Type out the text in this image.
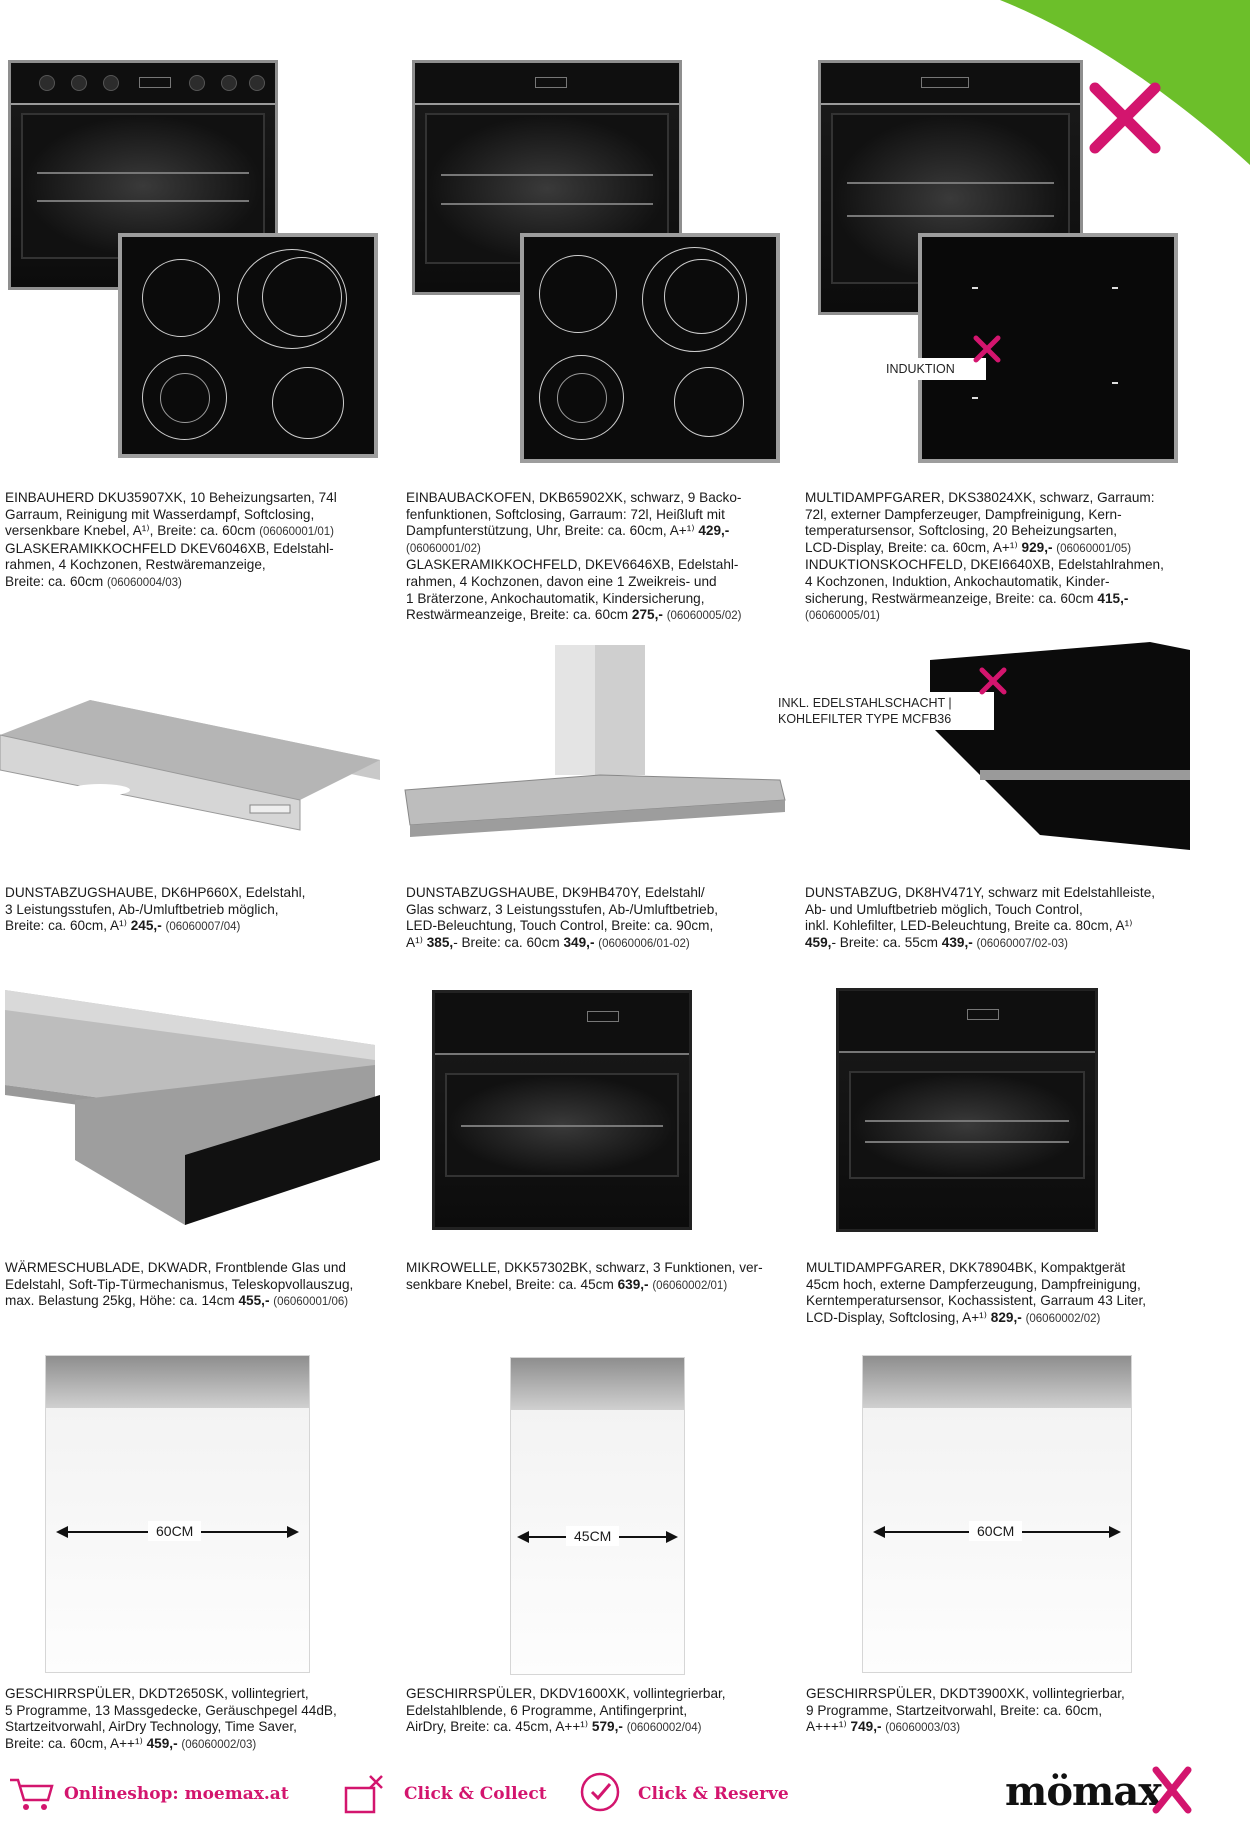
INDUKTION
EINBAUHERD DKU35907XK, 10 Beheizungsarten, 74l
Garraum, Reinigung mit Wasserdampf, Softclosing,
versenkbare Knebel, A¹⁾, Breite: ca. 60cm (06060001/01)
GLASKERAMIKKOCHFELD DKEV6046XB, Edelstahl-
rahmen, 4 Kochzonen, Restwäremanzeige,
Breite: ca. 60cm (06060004/03)
EINBAUBACKOFEN, DKB65902XK, schwarz, 9 Backo-
fenfunktionen, Softclosing, Garraum: 72l, Heißluft mit
Dampfunterstützung, Uhr, Breite: ca. 60cm, A+¹⁾ 429,-
(06060001/02)
GLASKERAMIKKOCHFELD, DKEV6646XB, Edelstahl-
rahmen, 4 Kochzonen, davon eine 1 Zweikreis- und
1 Bräterzone, Ankochautomatik, Kindersicherung,
Restwärmeanzeige, Breite: ca. 60cm 275,- (06060005/02)
MULTIDAMPFGARER, DKS38024XK, schwarz, Garraum:
72l, externer Dampferzeuger, Dampfreinigung, Kern-
temperatursensor, Softclosing, 20 Beheizungsarten,
LCD-Display, Breite: ca. 60cm, A+¹⁾ 929,- (06060001/05)
INDUKTIONSKOCHFELD, DKEI6640XB, Edelstahlrahmen,
4 Kochzonen, Induktion, Ankochautomatik, Kinder-
sicherung, Restwärmeanzeige, Breite: ca. 60cm 415,-
(06060005/01)
INKL. EDELSTAHLSCHACHT |
KOHLEFILTER TYPE MCFB36
DUNSTABZUGSHAUBE, DK6HP660X, Edelstahl,
3 Leistungsstufen, Ab-/Umluftbetrieb möglich,
Breite: ca. 60cm, A¹⁾ 245,- (06060007/04)
DUNSTABZUGSHAUBE, DK9HB470Y, Edelstahl/
Glas schwarz, 3 Leistungsstufen, Ab-/Umluftbetrieb,
LED-Beleuchtung, Touch Control, Breite: ca. 90cm,
A¹⁾ 385,- Breite: ca. 60cm 349,- (06060006/01-02)
DUNSTABZUG, DK8HV471Y, schwarz mit Edelstahlleiste,
Ab- und Umluftbetrieb möglich, Touch Control,
inkl. Kohlefilter, LED-Beleuchtung, Breite ca. 80cm, A¹⁾
459,- Breite: ca. 55cm 439,- (06060007/02-03)
WÄRMESCHUBLADE, DKWADR, Frontblende Glas und
Edelstahl, Soft-Tip-Türmechanismus, Teleskopvollauszug,
max. Belastung 25kg, Höhe: ca. 14cm 455,- (06060001/06)
MIKROWELLE, DKK57302BK, schwarz, 3 Funktionen, ver-
senkbare Knebel, Breite: ca. 45cm 639,- (06060002/01)
MULTIDAMPFGARER, DKK78904BK, Kompaktgerät
45cm hoch, externe Dampferzeugung, Dampfreinigung,
Kerntemperatursensor, Kochassistent, Garraum 43 Liter,
LCD-Display, Softclosing, A+¹⁾ 829,- (06060002/02)
60CM	45CM	60CM
GESCHIRRSPÜLER, DKDT2650SK, vollintegriert,
5 Programme, 13 Massgedecke, Geräuschpegel 44dB,
Startzeitvorwahl, AirDry Technology, Time Saver,
Breite: ca. 60cm, A++¹⁾ 459,- (06060002/03)
GESCHIRRSPÜLER, DKDV1600XK, vollintegrierbar,
Edelstahlblende, 6 Programme, Antifingerprint,
AirDry, Breite: ca. 45cm, A++¹⁾ 579,- (06060002/04)
GESCHIRRSPÜLER, DKDT3900XK, vollintegrierbar,
9 Programme, Startzeitvorwahl, Breite: ca. 60cm,
A+++¹⁾ 749,- (06060003/03)
Onlineshop: moemax.at	Click & Collect	Click & Reserve	mömax
